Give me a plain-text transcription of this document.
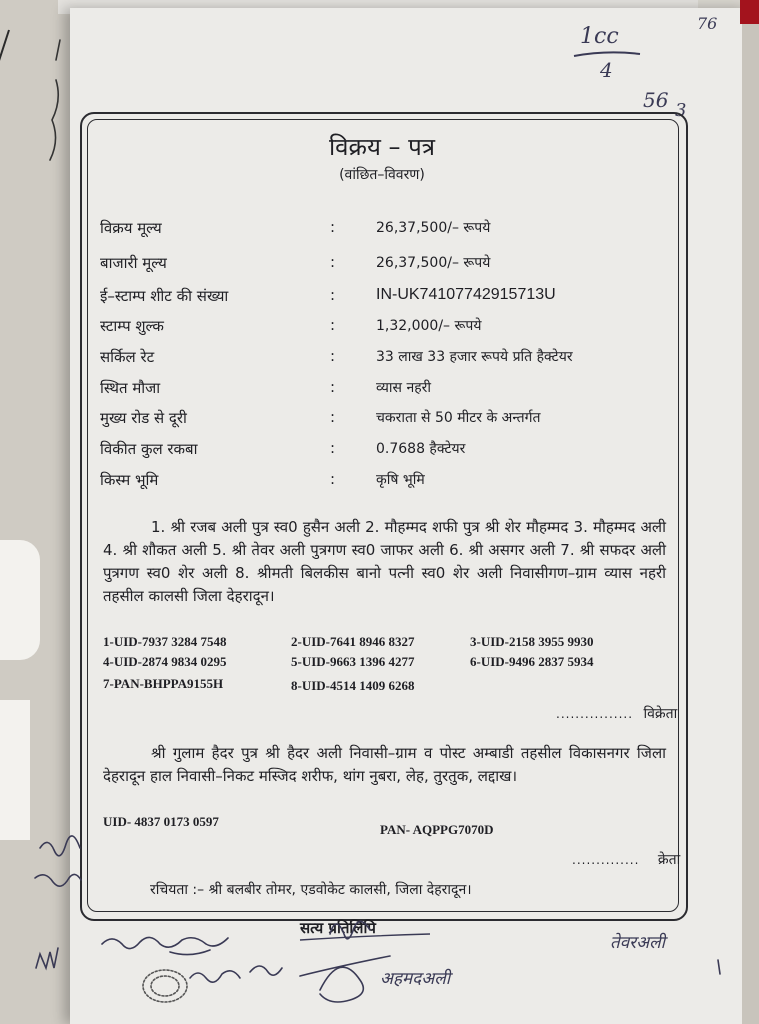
76
1cc
4
56 3
विक्रय – पत्र
(वांछित–विवरण)
विक्रय मूल्य	:	26,37,500/– रूपये
बाजारी मूल्य	:	26,37,500/– रूपये
ई–स्टाम्प शीट की संख्या	:	IN-UK74107742915713U
स्टाम्प शुल्क	:	1,32,000/– रूपये
सर्किल रेट	:	33 लाख 33 हजार रूपये प्रति हैक्टेयर
स्थित मौजा	:	व्यास नहरी
मुख्य रोड से दूरी	:	चकराता से 50 मीटर के अन्तर्गत
विकीत कुल रकबा	:	0.7688 हैक्टेयर
किस्म भूमि	:	कृषि भूमि
1. श्री रजब अली पुत्र स्व0 हुसैन अली 2. मौहम्मद शफी पुत्र श्री शेर मौहम्मद 3. मौहम्मद अली 4. श्री शौकत अली 5. श्री तेवर अली पुत्रगण स्व0 जाफर अली 6. श्री असगर अली 7. श्री सफदर अली पुत्रगण स्व0 शेर अली 8. श्रीमती बिलकीस बानो पत्नी स्व0 शेर अली निवासीगण–ग्राम व्यास नहरी तहसील कालसी जिला देहरादून।
1-UID-7937 3284 7548	2-UID-7641 8946 8327	3-UID-2158 3955 9930
4-UID-2874 9834 0295	5-UID-9663 1396 4277	6-UID-9496 2837 5934
7-PAN-BHPPA9155H	8-UID-4514 1409 6268
................ विक्रेता
श्री गुलाम हैदर पुत्र श्री हैदर अली निवासी–ग्राम व पोस्ट अम्बाडी तहसील विकासनगर जिला देहरादून हाल निवासी–निकट मस्जिद शरीफ, थांग नुबरा, लेह, तुरतुक, लद्दाख।
UID- 4837 0173 0597
PAN- AQPPG7070D
.............. क्रेता
रचियता :– श्री बलबीर तोमर, एडवोकेट कालसी, जिला देहरादून।
सत्य प्रतिलिपि
तेवरअली
अहमदअली
